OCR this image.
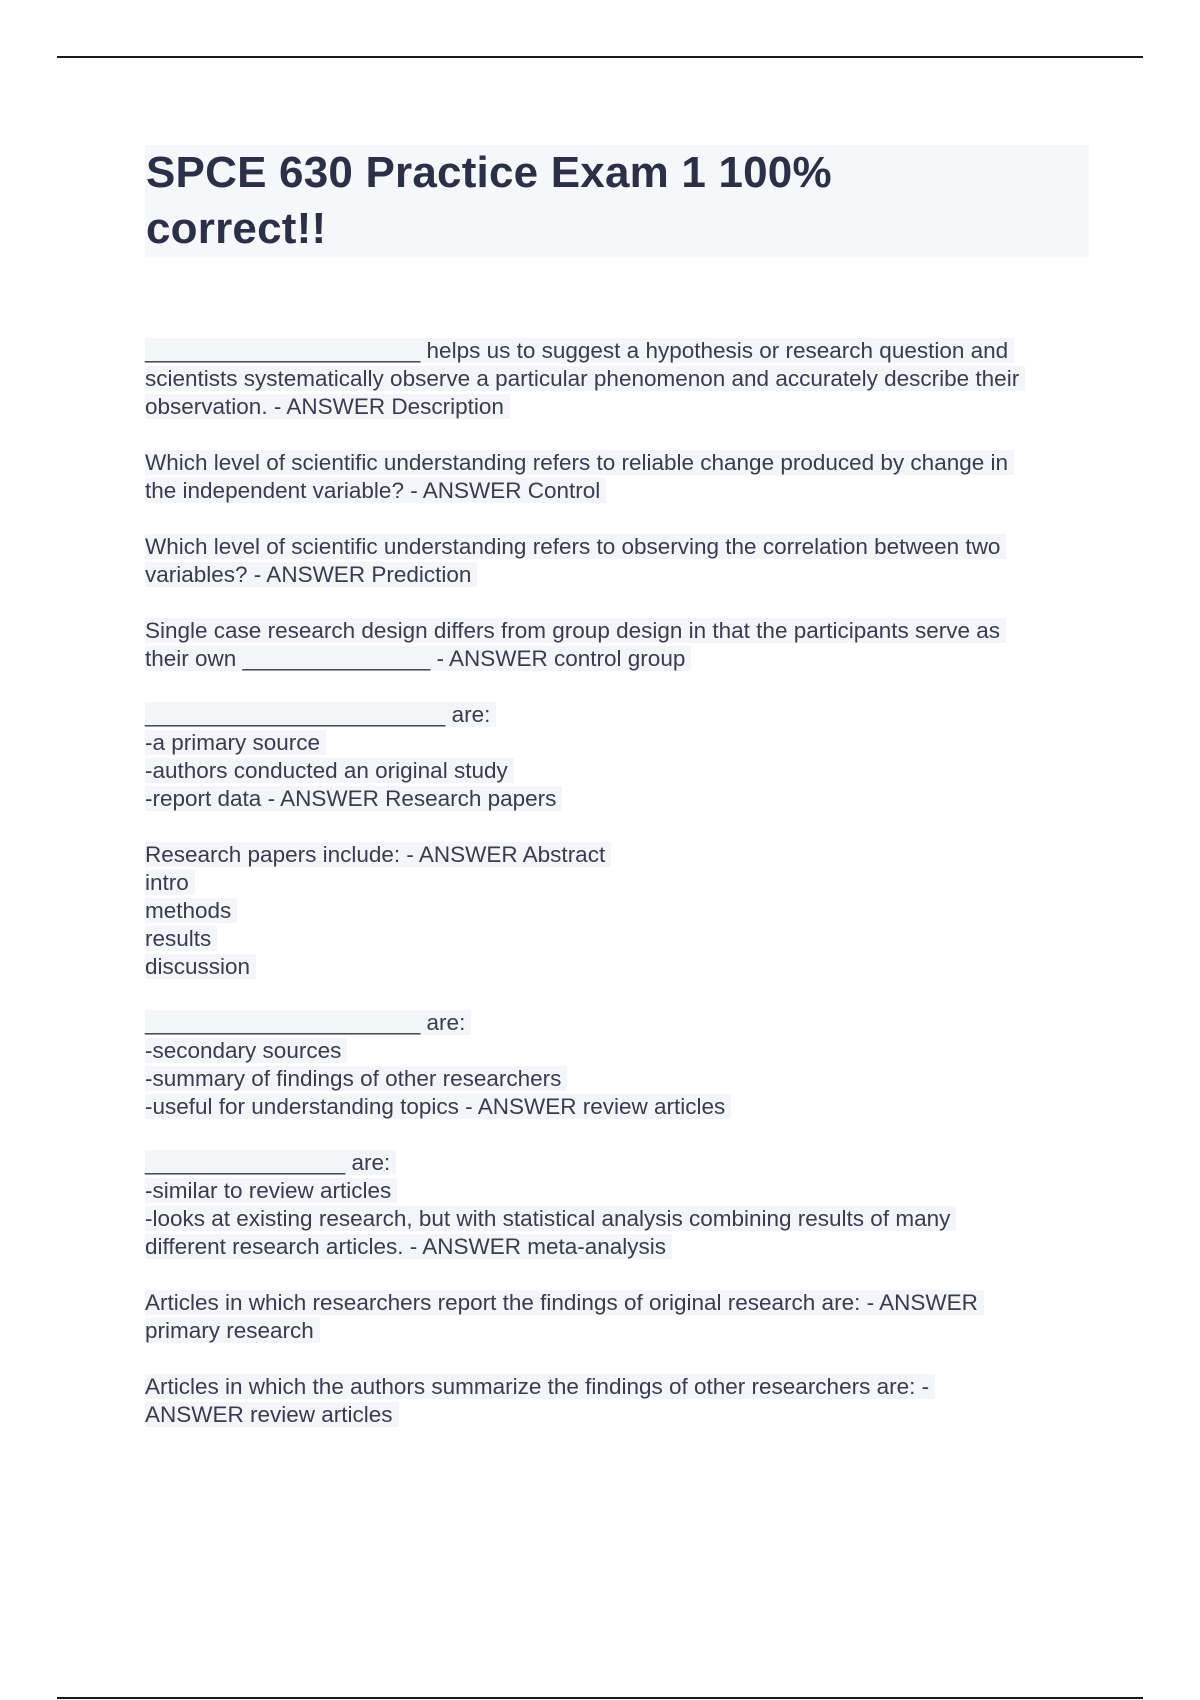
SPCE 630 Practice Exam 1 100%
correct!!
______________________ helps us to suggest a hypothesis or research question and
scientists systematically observe a particular phenomenon and accurately describe their
observation. - ANSWER Description
Which level of scientific understanding refers to reliable change produced by change in
the independent variable? - ANSWER Control
Which level of scientific understanding refers to observing the correlation between two
variables? - ANSWER Prediction
Single case research design differs from group design in that the participants serve as
their own _______________ - ANSWER control group
________________________ are:
-a primary source
-authors conducted an original study
-report data - ANSWER Research papers
Research papers include: - ANSWER Abstract
intro
methods
results
discussion
______________________ are:
-secondary sources
-summary of findings of other researchers
-useful for understanding topics - ANSWER review articles
________________ are:
-similar to review articles
-looks at existing research, but with statistical analysis combining results of many
different research articles. - ANSWER meta-analysis
Articles in which researchers report the findings of original research are: - ANSWER
primary research
Articles in which the authors summarize the findings of other researchers are: -
ANSWER review articles
